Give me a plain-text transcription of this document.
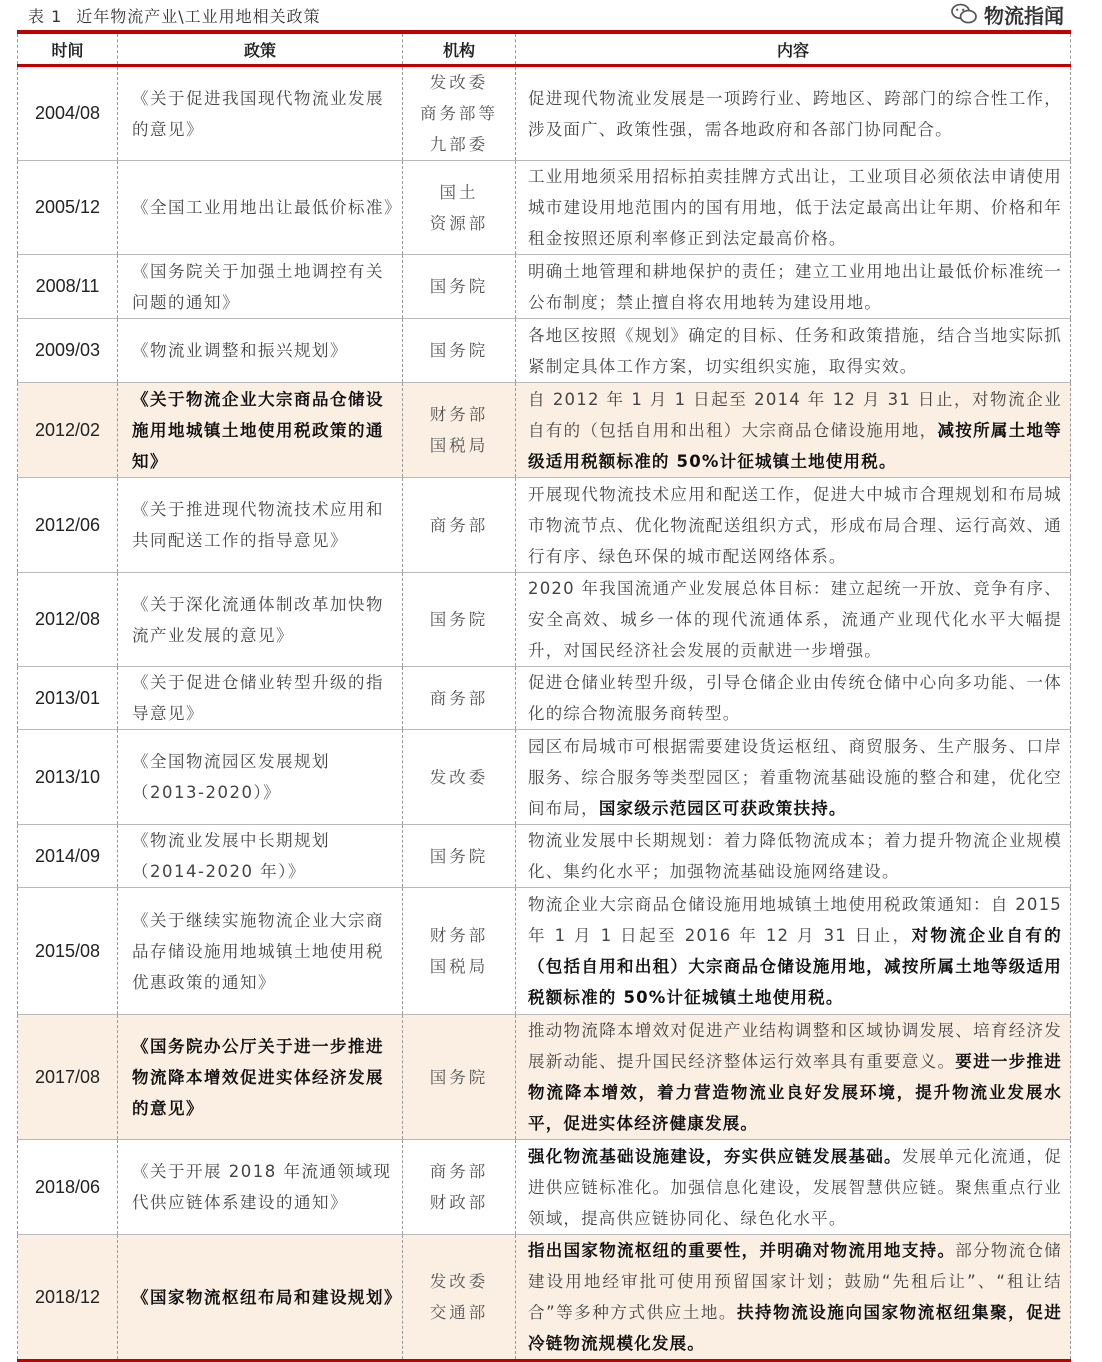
表 1 近年物流产业\工业用地相关政策
时间	政策	机构	内容
2004/08	《关于促进我国现代物流业发展的意见》	发改委
商务部等
九部委	促进现代物流业发展是一项跨行业、跨地区、跨部门的综合性工作，涉及面广、政策性强，需各地政府和各部门协同配合。
2005/12	《全国工业用地出让最低价标准》	国土
资源部	工业用地须采用招标拍卖挂牌方式出让，工业项目必须依法申请使用城市建设用地范围内的国有用地，低于法定最高出让年期、价格和年租金按照还原利率修正到法定最高价格。
2008/11	《国务院关于加强土地调控有关问题的通知》	国务院	明确土地管理和耕地保护的责任；建立工业用地出让最低价标准统一公布制度；禁止擅自将农用地转为建设用地。
2009/03	《物流业调整和振兴规划》	国务院	各地区按照《规划》确定的目标、任务和政策措施，结合当地实际抓紧制定具体工作方案，切实组织实施，取得实效。
2012/02	《关于物流企业大宗商品仓储设施用地城镇土地使用税政策的通知》	财务部
国税局	自 2012 年 1 月 1 日起至 2014 年 12 月 31 日止，对物流企业自有的（包括自用和出租）大宗商品仓储设施用地，减按所属土地等级适用税额标准的 50%计征城镇土地使用税。
2012/06	《关于推进现代物流技术应用和共同配送工作的指导意见》	商务部	开展现代物流技术应用和配送工作，促进大中城市合理规划和布局城市物流节点、优化物流配送组织方式，形成布局合理、运行高效、通行有序、绿色环保的城市配送网络体系。
2012/08	《关于深化流通体制改革加快物流产业发展的意见》	国务院	2020 年我国流通产业发展总体目标：建立起统一开放、竞争有序、安全高效、城乡一体的现代流通体系，流通产业现代化水平大幅提升，对国民经济社会发展的贡献进一步增强。
2013/01	《关于促进仓储业转型升级的指导意见》	商务部	促进仓储业转型升级，引导仓储企业由传统仓储中心向多功能、一体化的综合物流服务商转型。
2013/10	《全国物流园区发展规划（2013-2020）》	发改委	园区布局城市可根据需要建设货运枢纽、商贸服务、生产服务、口岸服务、综合服务等类型园区；着重物流基础设施的整合和建，优化空间布局，国家级示范园区可获政策扶持。
2014/09	《物流业发展中长期规划（2014-2020 年）》	国务院	物流业发展中长期规划：着力降低物流成本；着力提升物流企业规模化、集约化水平；加强物流基础设施网络建设。
2015/08	《关于继续实施物流企业大宗商品存储设施用地城镇土地使用税优惠政策的通知》	财务部
国税局	物流企业大宗商品仓储设施用地城镇土地使用税政策通知：自 2015 年 1 月 1 日起至 2016 年 12 月 31 日止，对物流企业自有的（包括自用和出租）大宗商品仓储设施用地，减按所属土地等级适用税额标准的 50%计征城镇土地使用税。
2017/08	《国务院办公厅关于进一步推进物流降本增效促进实体经济发展的意见》	国务院	推动物流降本增效对促进产业结构调整和区域协调发展、培育经济发展新动能、提升国民经济整体运行效率具有重要意义。要进一步推进物流降本增效，着力营造物流业良好发展环境，提升物流业发展水平，促进实体经济健康发展。
2018/06	《关于开展 2018 年流通领域现代供应链体系建设的通知》	商务部
财政部	强化物流基础设施建设，夯实供应链发展基础。发展单元化流通，促进供应链标准化。加强信息化建设，发展智慧供应链。聚焦重点行业领域，提高供应链协同化、绿色化水平。
2018/12	《国家物流枢纽布局和建设规划》	发改委
交通部	指出国家物流枢纽的重要性，并明确对物流用地支持。部分物流仓储建设用地经审批可使用预留国家计划；鼓励“先租后让”、“租让结合”等多种方式供应土地。扶持物流设施向国家物流枢纽集聚，促进冷链物流规模化发展。
物流指闻
